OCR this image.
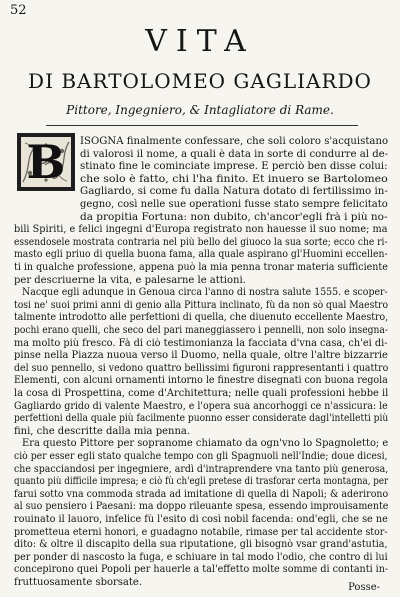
52
VITA
DI BARTOLOMEO GAGLIARDO
Pittore, Ingegniero, & Intagliatore di Rame.
B	ISOGNA finalmente confessare, che soli coloro s'acquistano
di valorosi il nome, a quali è data in sorte di condurre al de-
stinato fine le cominciate imprese. E perciò ben disse colui:
che solo è fatto, chi l'ha finito. Et inuero se Bartolomeo
Gagliardo, si come fu dalla Natura dotato di fertilissimo in-
gegno, così nelle sue operationi fusse stato sempre felicitato
da propitia Fortuna: non dubito, ch'ancor'egli frà i più no-
bili Spiriti, e felici ingegni d'Europa registrato non hauesse il suo nome; ma
essendosele mostrata contraria nel più bello del giuoco la sua sorte; ecco che ri-
masto egli priuo di quella buona fama, alla quale aspirano gl'Huomini eccellen-
ti in qualche professione, appena può la mia penna tronar materia sufficiente
per descriuerne la vita, e palesarne le attioni.
Nacque egli adunque in Genoua circa l'anno di nostra salute 1555. e scoper-
tosi ne' suoi primi anni di genio alla Pittura inclinato, fù da non sò qual Maestro
talmente introdotto alle perfettioni di quella, che diuenuto eccellente Maestro,
pochi erano quelli, che seco del pari maneggiassero i pennelli, non solo insegna-
ma molto più fresco. Fà di ciò testimonianza la facciata d'vna casa, ch'ei di-
pinse nella Piazza nuoua verso il Duomo, nella quale, oltre l'altre bizzarrie
del suo pennello, si vedono quattro bellissimi figuroni rappresentanti i quattro
Elementi, con alcuni ornamenti intorno le finestre disegnati con buona regola
la cosa di Prospettina, come d'Architettura; nelle quali professioni hebbe il
Gagliardo grido di valente Maestro, e l'opera sua ancorhoggi ce n'assicura: le
perfettioni della quale più facilmente puonno esser considerate dagl'intelletti più
fini, che descritte dalla mia penna.
Era questo Pittore per sopranome chiamato da ogn'vno lo Spagnoletto; e
ciò per esser egli stato qualche tempo con gli Spagnuoli nell'Indie; doue dicesi,
che spacciandosi per ingegniere, ardì d'intraprendere vna tanto più generosa,
quanto più difficile impresa; e ciò fù ch'egli pretese di trasforar certa montagna, per
farui sotto vna commoda strada ad imitatione di quella di Napoli; & aderirono
al suo pensiero i Paesani: ma doppo rileuante spesa, essendo improuisamente
rouinato il lauoro, infelice fù l'esito di così nobil facenda: ond'egli, che se ne
prometteua eterni honori, e guadagno notabile, rimase per tal accidente stor-
dito: & oltre il discapito della sua riputatione, gli bisognò vsar grand'astutia,
per ponder di nascosto la fuga, e schiuare in tal modo l'odio, che contro di lui
concepirono quei Popoli per hauerle a tal'effetto molte somme di contanti in-
fruttuosamente sborsate.	Posse-
